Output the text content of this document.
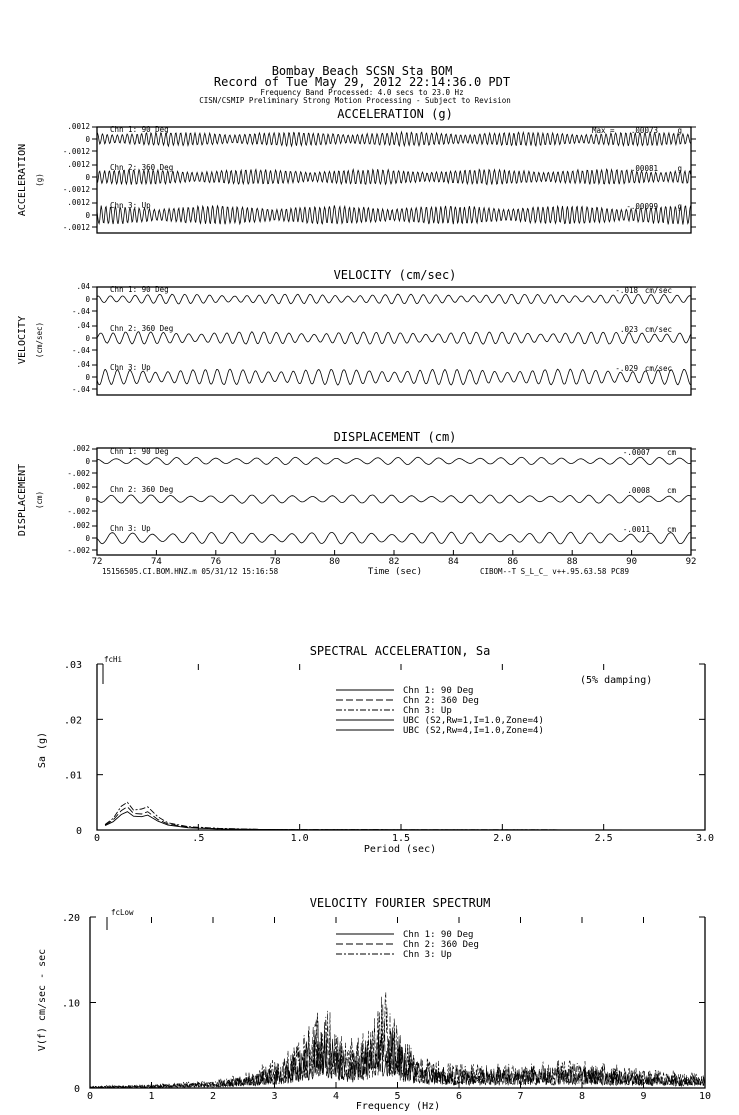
Bombay Beach SCSN Sta BOM
Record of Tue May 29, 2012 22:14:36.0 PDT
Frequency Band Processed: 4.0 secs to 23.0 Hz
CISN/CSMIP Preliminary Strong Motion Processing - Subject to Revision
ACCELERATION (g)
ACCELERATION (g)
.0012
0
-.0012
Chn 1: 90 Deg	Max = .00073	g
.0012
0
-.0012
Chn 2: 360 Deg	.00081	g
.0012
0
-.0012
Chn 3: Up	-.00099	g
VELOCITY (cm/sec)
VELOCITY (cm/sec)
.04
0
-.04
Chn 1: 90 Deg	-.018 cm/sec
.04
0
-.04
Chn 2: 360 Deg	.023 cm/sec
.04
0
-.04
Chn 3: Up	-.029 cm/sec
DISPLACEMENT (cm)
DISPLACEMENT (cm)
Time (sec)
15156505.CI.BOM.HNZ.m 05/31/12 15:16:58	CIBOM--T S_L_C_ v++.95.63.58 PC89
.002
0
-.002
Chn 1: 90 Deg	-.0007 cm
.002
0
-.002
Chn 2: 360 Deg	.0008 cm
.002
0
-.002
Chn 3: Up	-.0011 cm
72	74	76	78	80	82	84	86	88	90	92
SPECTRAL ACCELERATION, Sa
Sa (g)
Period (sec)
(5% damping)
fcHi
0	.5	1.0	1.5	2.0	2.5	3.0
.03
.02
.01
0
Chn 1: 90 Deg
Chn 2: 360 Deg
Chn 3: Up
UBC (S2,Rw=1,I=1.0,Zone=4)
UBC (S2,Rw=4,I=1.0,Zone=4)
VELOCITY FOURIER SPECTRUM
V(f) cm/sec - sec
Frequency (Hz)
fcLow
0	1	2	3	4	5	6	7	8	9	10
.20
.10
0
Chn 1: 90 Deg
Chn 2: 360 Deg
Chn 3: Up
